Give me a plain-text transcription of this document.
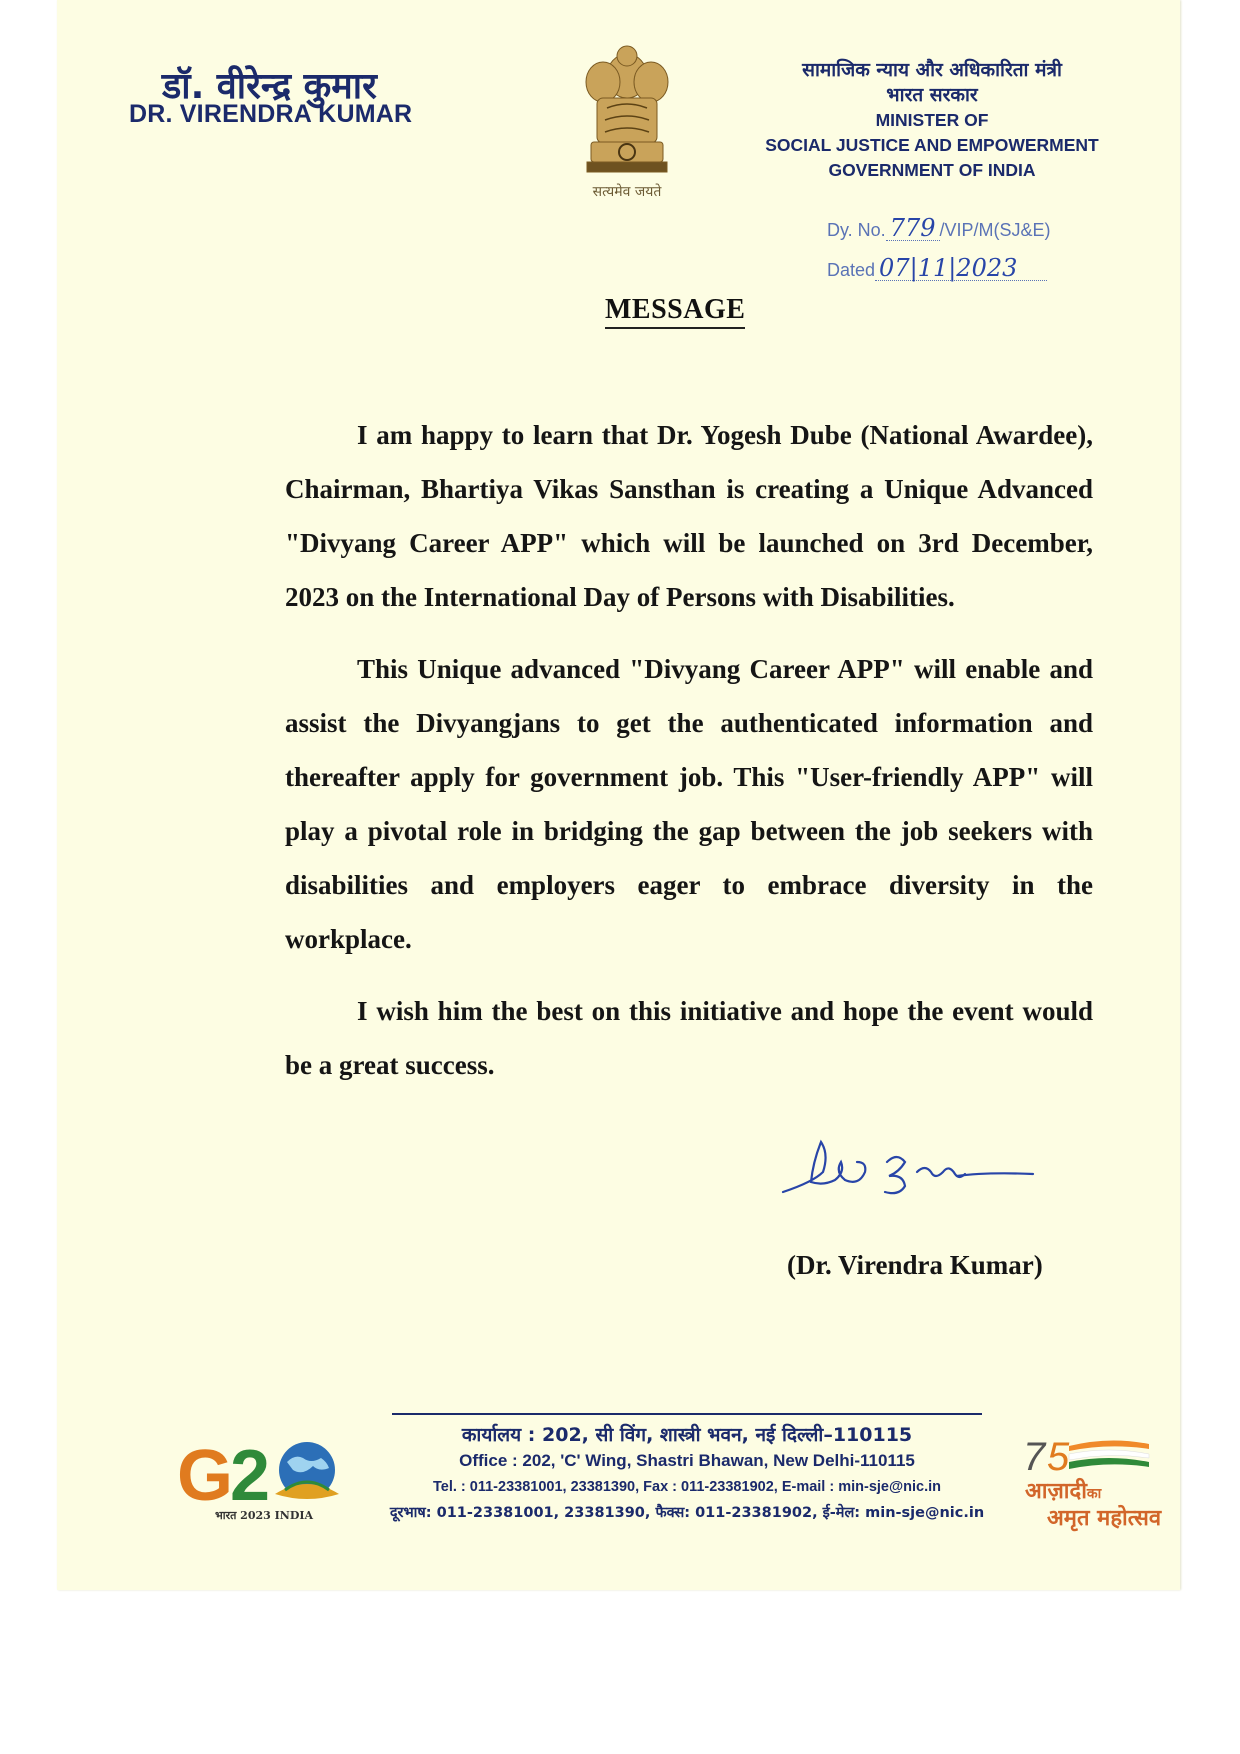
डॉ. वीरेन्द्र कुमार
DR. VIRENDRA KUMAR
सत्यमेव जयते
सामाजिक न्याय और अधिकारिता मंत्री
भारत सरकार
MINISTER OF
SOCIAL JUSTICE AND EMPOWERMENT
GOVERNMENT OF INDIA
Dy. No. 779 /VIP/M(SJ&E)
Dated 07|11|2023
MESSAGE

I am happy to learn that Dr. Yogesh Dube (National Awardee), Chairman, Bhartiya Vikas Sansthan is creating a Unique Advanced "Divyang Career APP" which will be launched on 3rd December, 2023 on the International Day of Persons with Disabilities.

This Unique advanced "Divyang Career APP" will enable and assist the Divyangjans to get the authenticated information and thereafter apply for government job. This "User-friendly APP" will play a pivotal role in bridging the gap between the job seekers with disabilities and employers eager to embrace diversity in the workplace.

I wish him the best on this initiative and hope the event would be a great success.

(Dr. Virendra Kumar)
कार्यालय : 202, सी विंग, शास्त्री भवन, नई दिल्ली–110115
Office : 202, 'C' Wing, Shastri Bhawan, New Delhi-110115
Tel. : 011-23381001, 23381390, Fax : 011-23381902, E-mail : min-sje@nic.in
दूरभाष: 011-23381001, 23381390, फैक्स: 011-23381902, ई-मेल: min-sje@nic.in
G
2
भारत 2023 INDIA
7 5
आज़ादीका
अमृत महोत्सव
